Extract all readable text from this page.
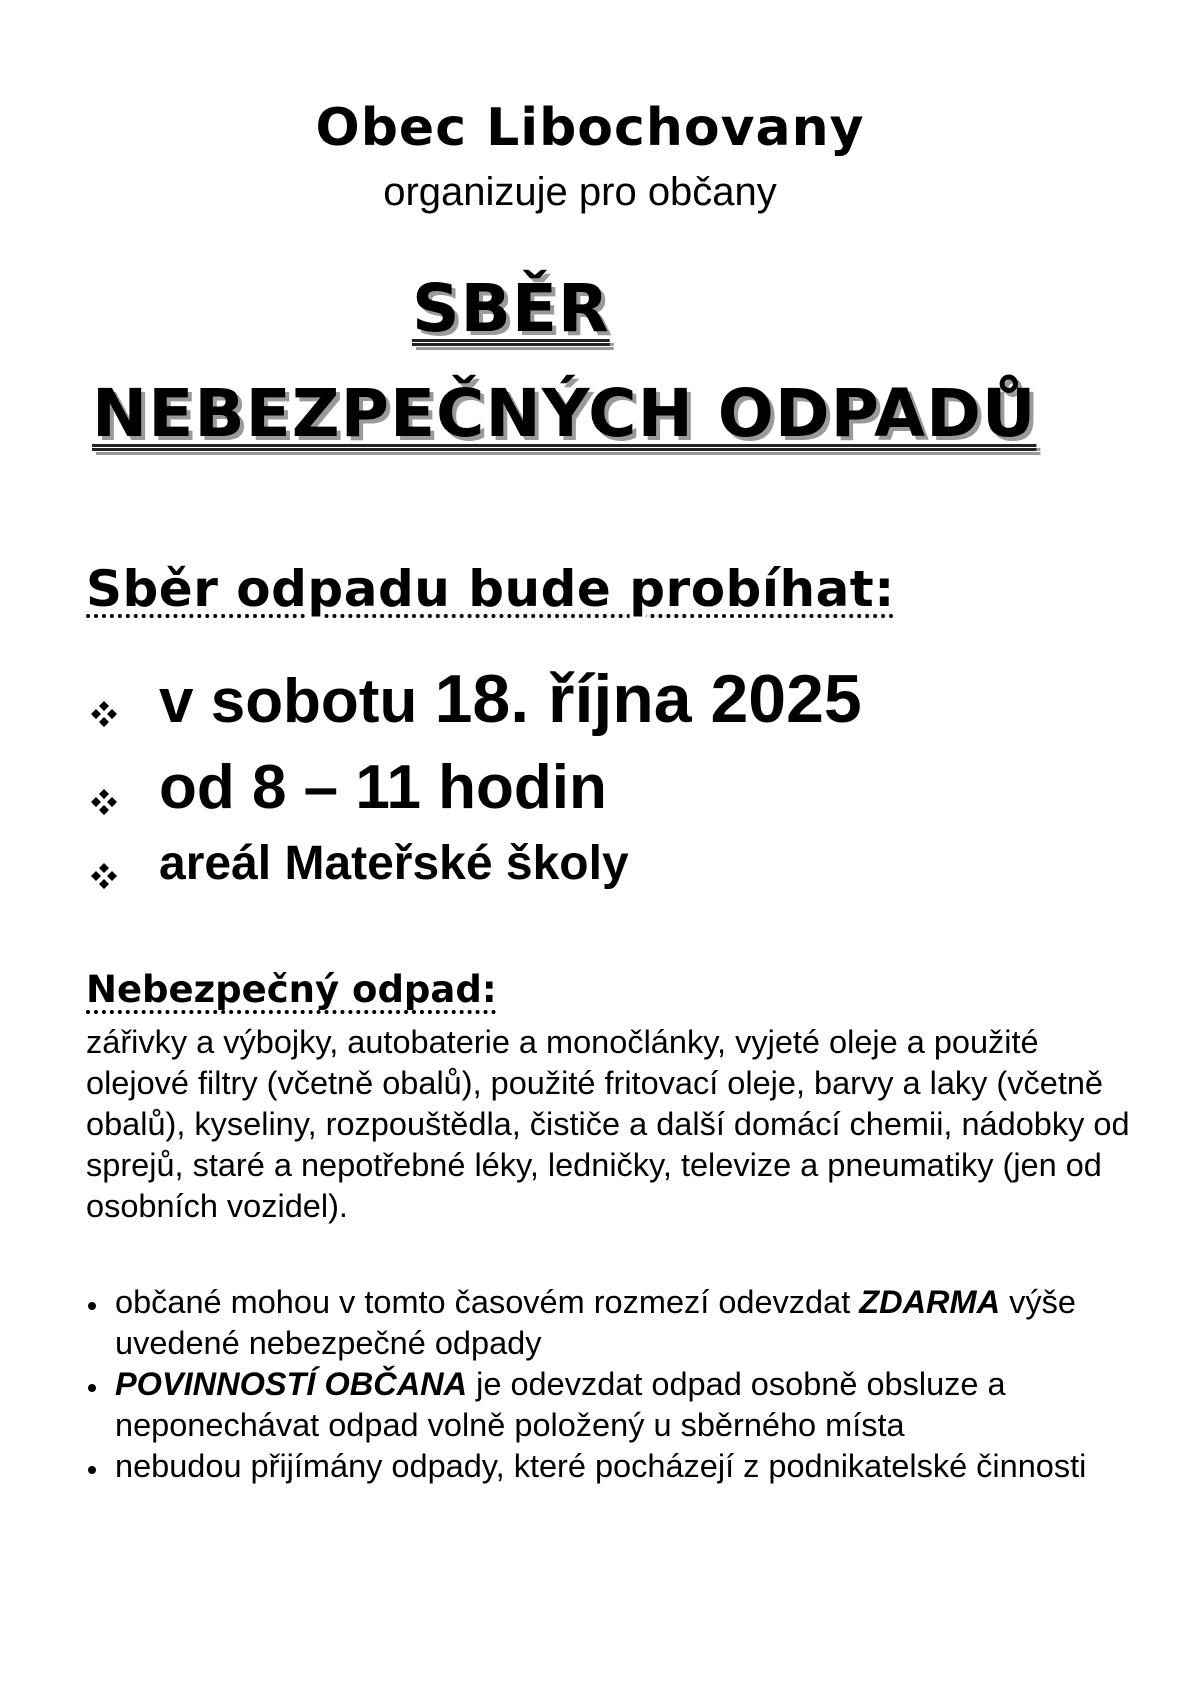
Obec Libochovany
organizuje pro občany
SBĚR
NEBEZPEČNÝCH ODPADŮ
Sběr odpadu bude probíhat:
v sobotu 18. října 2025
od 8 – 11 hodin
areál Mateřské školy
Nebezpečný odpad:
zářivky a výbojky, autobaterie a monočlánky, vyjeté oleje a použité olejové filtry (včetně obalů), použité fritovací oleje, barvy a laky (včetně obalů), kyseliny, rozpouštědla, čističe a další domácí chemii, nádobky od sprejů, staré a nepotřebné léky, ledničky, televize a pneumatiky (jen od osobních vozidel).
občané mohou v tomto časovém rozmezí odevzdat ZDARMA výše uvedené nebezpečné odpady
POVINNOSTÍ OBČANA je odevzdat odpad osobně obsluze a neponechávat odpad volně položený u sběrného místa
nebudou přijímány odpady, které pocházejí z podnikatelské činnosti
